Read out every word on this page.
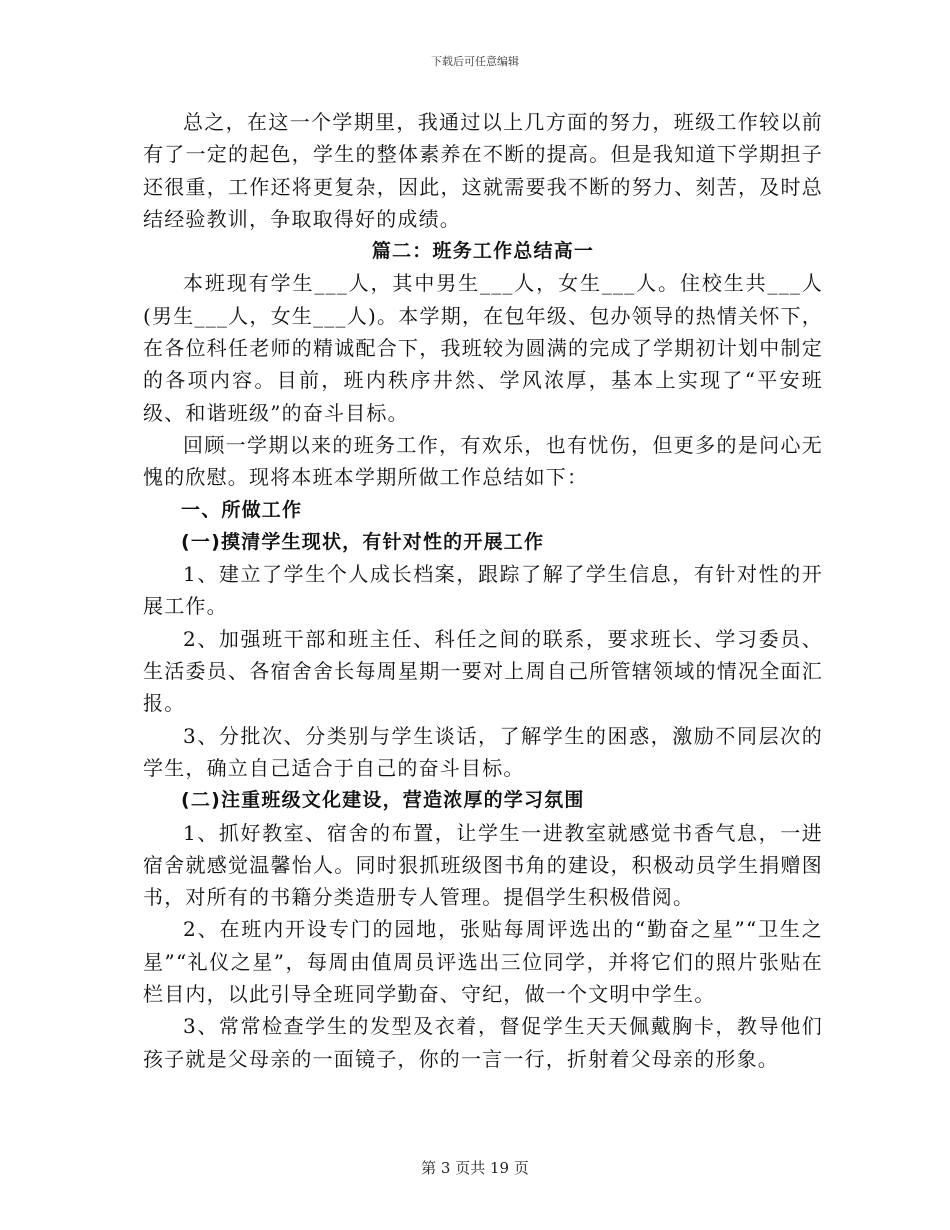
下载后可任意编辑

总之，在这一个学期里，我通过以上几方面的努力，班级工作较以前有了一定的起色，学生的整体素养在不断的提高。但是我知道下学期担子还很重，工作还将更复杂，因此，这就需要我不断的努力、刻苦，及时总结经验教训，争取取得好的成绩。

篇二：班务工作总结高一

本班现有学生___人，其中男生___人，女生___人。住校生共___人(男生___人，女生___人)。本学期，在包年级、包办领导的热情关怀下，在各位科任老师的精诚配合下，我班较为圆满的完成了学期初计划中制定的各项内容。目前，班内秩序井然、学风浓厚，基本上实现了“平安班级、和谐班级”的奋斗目标。

回顾一学期以来的班务工作，有欢乐，也有忧伤，但更多的是问心无愧的欣慰。现将本班本学期所做工作总结如下：

一、所做工作

(一)摸清学生现状，有针对性的开展工作

1、建立了学生个人成长档案，跟踪了解了学生信息，有针对性的开展工作。

2、加强班干部和班主任、科任之间的联系，要求班长、学习委员、生活委员、各宿舍舍长每周星期一要对上周自己所管辖领域的情况全面汇报。

3、分批次、分类别与学生谈话，了解学生的困惑，激励不同层次的学生，确立自己适合于自己的奋斗目标。

(二)注重班级文化建设，营造浓厚的学习氛围

1、抓好教室、宿舍的布置，让学生一进教室就感觉书香气息，一进宿舍就感觉温馨怡人。同时狠抓班级图书角的建设，积极动员学生捐赠图书，对所有的书籍分类造册专人管理。提倡学生积极借阅。

2、在班内开设专门的园地，张贴每周评选出的“勤奋之星”“卫生之星”“礼仪之星”，每周由值周员评选出三位同学，并将它们的照片张贴在栏目内，以此引导全班同学勤奋、守纪，做一个文明中学生。

3、常常检查学生的发型及衣着，督促学生天天佩戴胸卡，教导他们孩子就是父母亲的一面镜子，你的一言一行，折射着父母亲的形象。

第 3 页共 19 页
